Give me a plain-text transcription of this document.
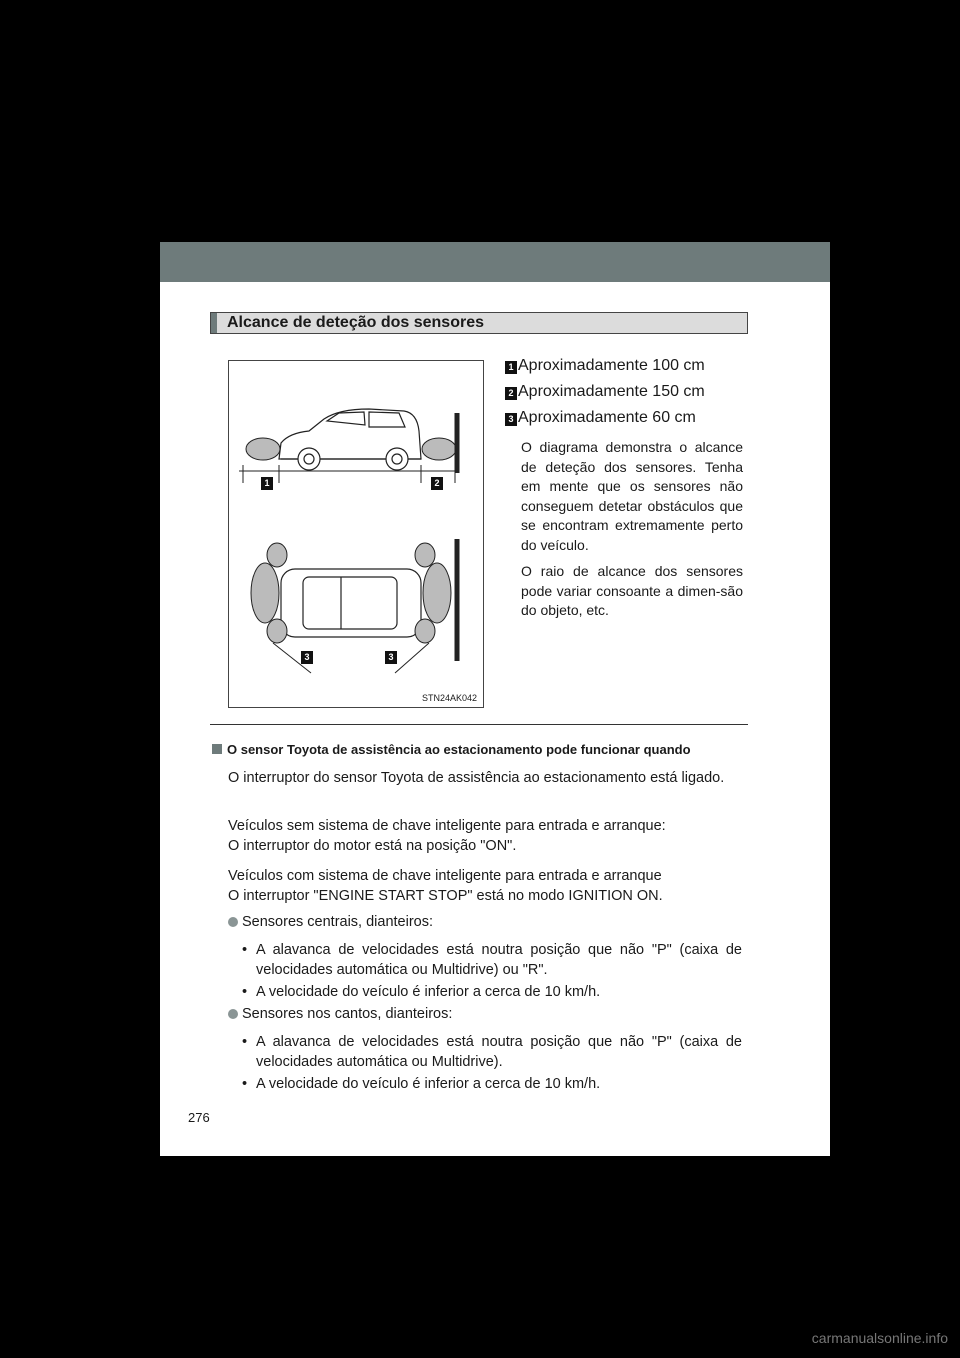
Alcance de deteção dos sensores
1	2
3	3
STN24AK042
1 Aproximadamente 100 cm
2 Aproximadamente 150 cm
3 Aproximadamente 60 cm

O diagrama demonstra o alcance de deteção dos sensores. Tenha em mente que os sensores não conseguem detetar obstáculos que se encontram extremamente perto do veículo.

O raio de alcance dos sensores pode variar consoante a dimen-são do objeto, etc.

O sensor Toyota de assistência ao estacionamento pode funcionar quando

O interruptor do sensor Toyota de assistência ao estacionamento está ligado.

Veículos sem sistema de chave inteligente para entrada e arranque:

O interruptor do motor está na posição "ON".

Veículos com sistema de chave inteligente para entrada e arranque

O interruptor "ENGINE START STOP" está no modo IGNITION ON.

Sensores centrais, dianteiros:
• A alavanca de velocidades está noutra posição que não "P" (caixa de velocidades automática ou Multidrive) ou "R".
• A velocidade do veículo é inferior a cerca de 10 km/h.
Sensores nos cantos, dianteiros:
• A alavanca de velocidades está noutra posição que não "P" (caixa de velocidades automática ou Multidrive).
• A velocidade do veículo é inferior a cerca de 10 km/h.
276
carmanualsonline.info
